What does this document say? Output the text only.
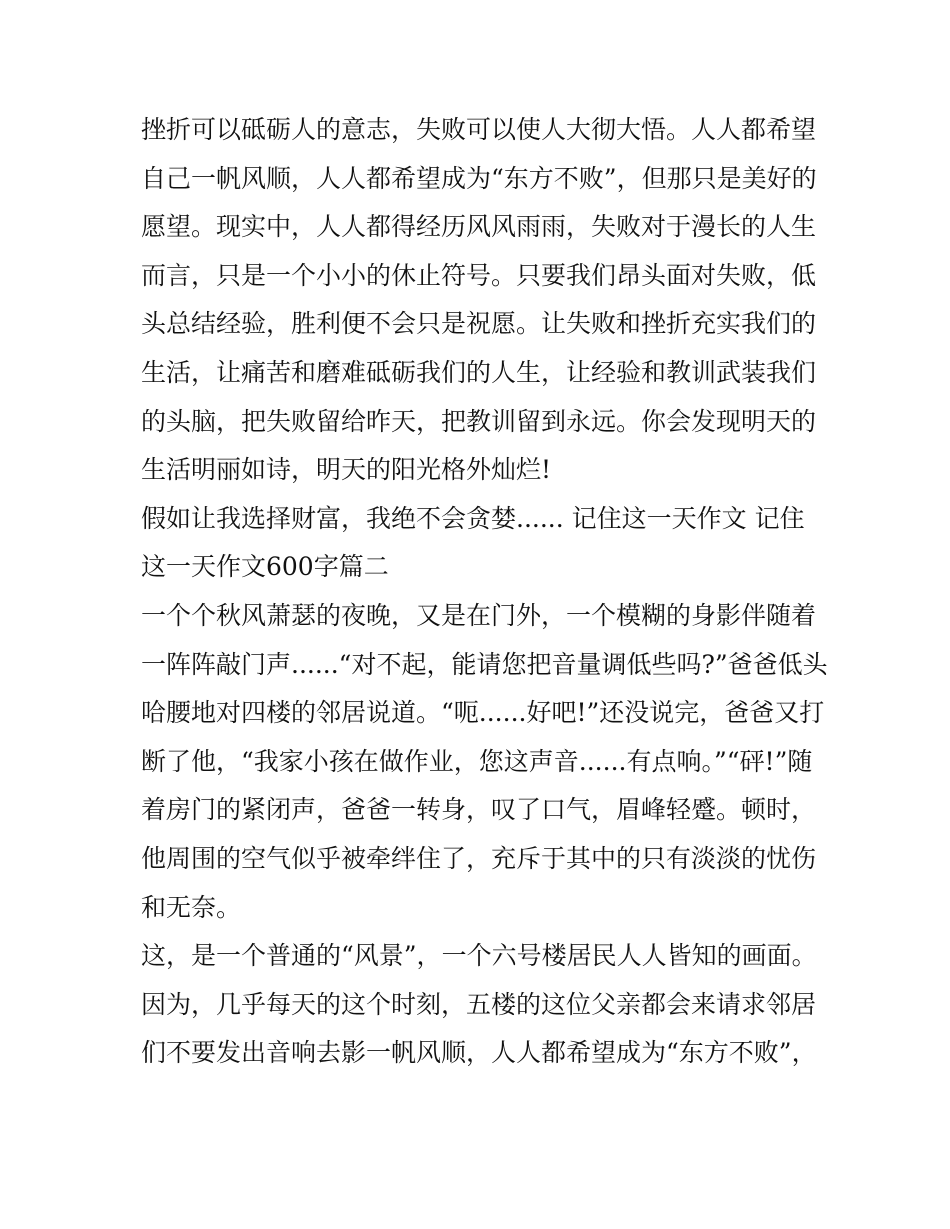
挫折可以砥砺人的意志，失败可以使人大彻大悟。人人都希望
自己一帆风顺，人人都希望成为“东方不败”，但那只是美好的
愿望。现实中，人人都得经历风风雨雨，失败对于漫长的人生
而言，只是一个小小的休止符号。只要我们昂头面对失败，低
头总结经验，胜利便不会只是祝愿。让失败和挫折充实我们的
生活，让痛苦和磨难砥砺我们的人生，让经验和教训武装我们
的头脑，把失败留给昨天，把教训留到永远。你会发现明天的
生活明丽如诗，明天的阳光格外灿烂!
假如让我选择财富，我绝不会贪婪...... 记住这一天作文 记住
这一天作文600字篇二
一个个秋风萧瑟的夜晚，又是在门外，一个模糊的身影伴随着
一阵阵敲门声......“对不起，能请您把音量调低些吗?”爸爸低头
哈腰地对四楼的邻居说道。“呃......好吧!”还没说完，爸爸又打
断了他，“我家小孩在做作业，您这声音......有点响。”“砰!”随
着房门的紧闭声，爸爸一转身，叹了口气，眉峰轻蹙。顿时，
他周围的空气似乎被牵绊住了，充斥于其中的只有淡淡的忧伤
和无奈。
这，是一个普通的“风景”，一个六号楼居民人人皆知的画面。
因为，几乎每天的这个时刻，五楼的这位父亲都会来请求邻居
们不要发出音响去影一帆风顺，人人都希望成为“东方不败”，
